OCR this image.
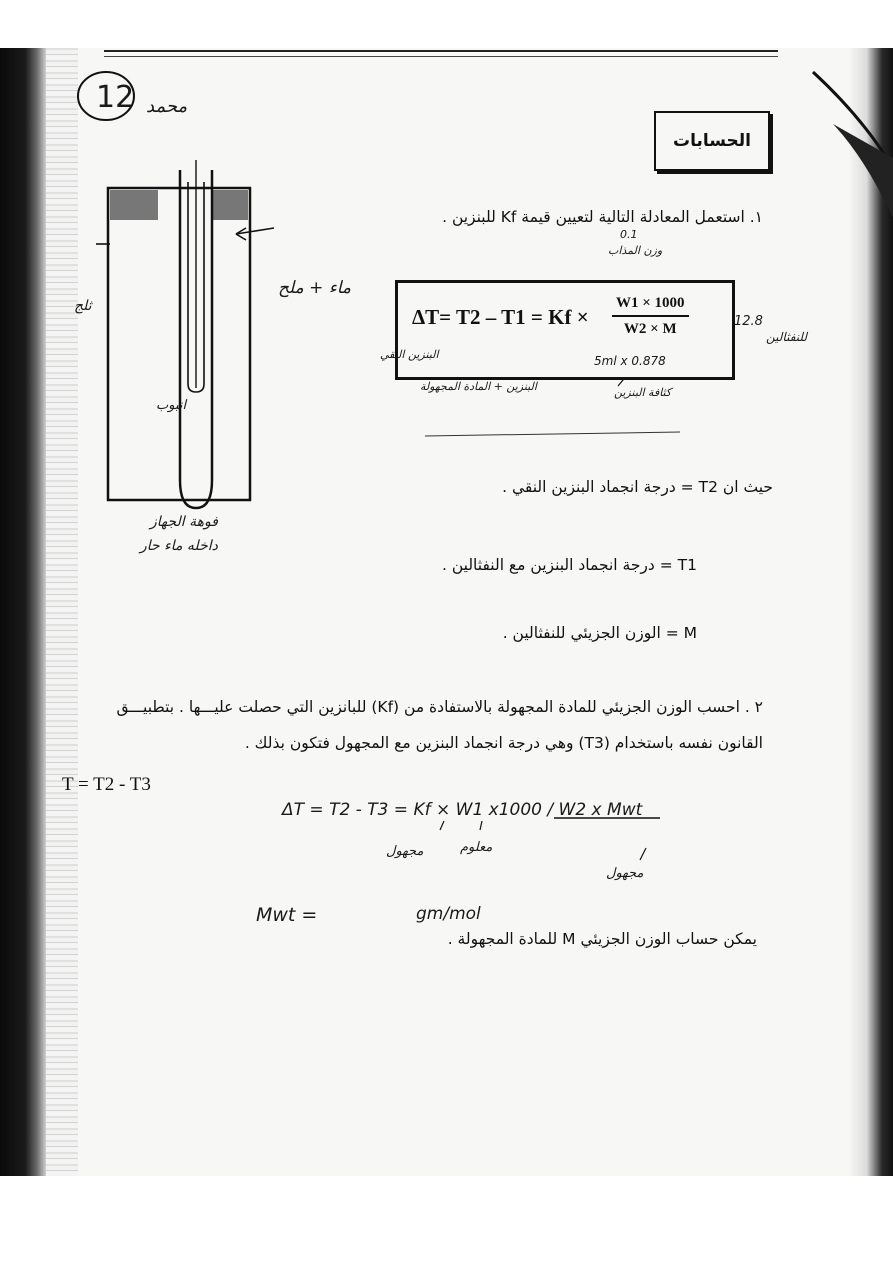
الحسابات
12 محمد
ثلج
ماء + ملح
انبوب
فوهة الجهاز
داخله ماء حار
١. استعمل المعادلة التالية لتعيين قيمة Kf للبنزين .
0.1
وزن المذاب
$\Delta T= T2 - T1 = Kf \times \frac{W1 \times 1000}{W2 \times M}$	12.8
للنفثالين
5ml x 0.878
كثافة البنزين
البنزين النقي
البنزين + المادة المجهولة
حيث ان T2 = درجة انجماد البنزين النقي .
T1 = درجة انجماد البنزين مع النفثالين .
M = الوزن الجزيئي للنفثالين .
٢ . احسب الوزن الجزيئي للمادة المجهولة بالاستفادة من (Kf) للبانزين التي حصلت عليـــها . بتطبيـــق
القانون نفسه باستخدام (T3) وهي درجة انجماد البنزين مع المجهول فتكون بذلك .
T = T2 - T3
ΔT = T2 - T3 = Kf × W1 x1000 / W2 x Mwt
معلوم
مجهول
مجهول
Mwt =	gm/mol
يمكن حساب الوزن الجزيئي M للمادة المجهولة .
